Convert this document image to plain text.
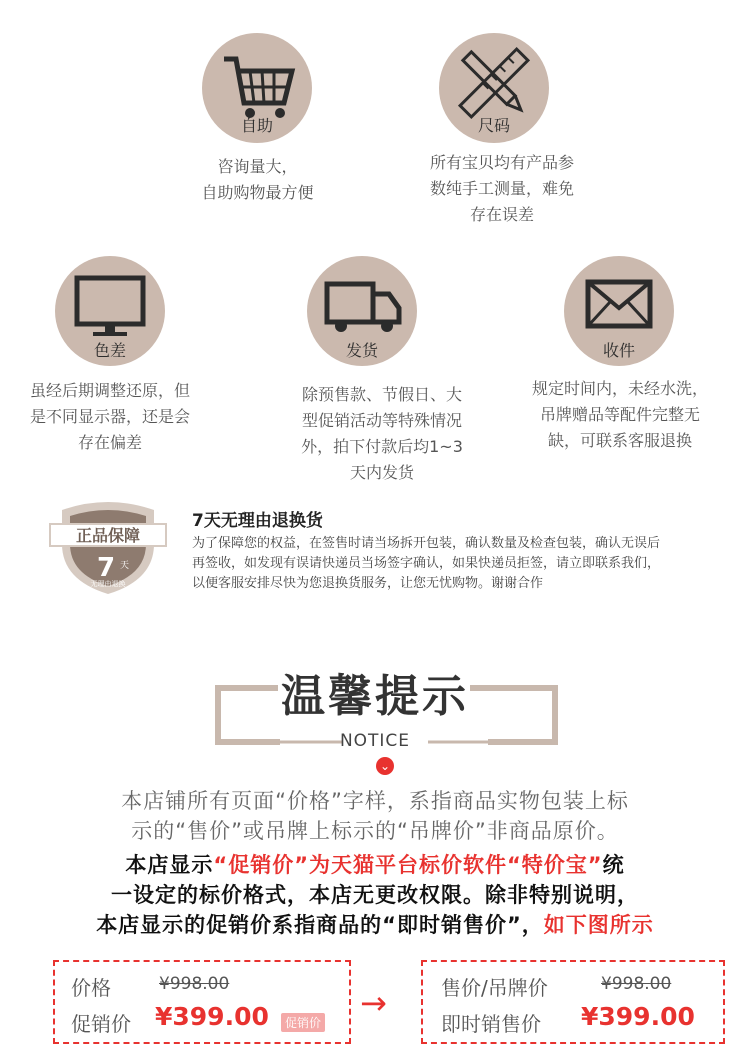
自助
咨询量大，
自助购物最方便
尺码
所有宝贝均有产品参
数纯手工测量，难免
存在误差
色差
虽经后期调整还原，但
是不同显示器，还是会
存在偏差
发货
除预售款、节假日、大
型促销活动等特殊情况
外，拍下付款后均1~3
天内发货
收件
规定时间内，未经水洗，
吊牌赠品等配件完整无
缺，可联系客服退换
正品保障
7 天
无理由退换
7天无理由退换货
为了保障您的权益，在签售时请当场拆开包装，确认数量及检查包装，确认无误后
再签收，如发现有误请快递员当场签字确认，如果快递员拒签，请立即联系我们，
以便客服安排尽快为您退换货服务，让您无忧购物。谢谢合作
温馨提示
NOTICE
⌄
本店铺所有页面“价格”字样，系指商品实物包装上标
示的“售价”或吊牌上标示的“吊牌价”非商品原价。
本店显示“促销价”为天猫平台标价软件“特价宝”统
一设定的标价格式，本店无更改权限。除非特别说明，
本店显示的促销价系指商品的“即时销售价”，如下图所示
价格	¥998.00
促销价 ¥399.00	促销价
→	售价/吊牌价	¥998.00
即时销售价 ¥399.00
